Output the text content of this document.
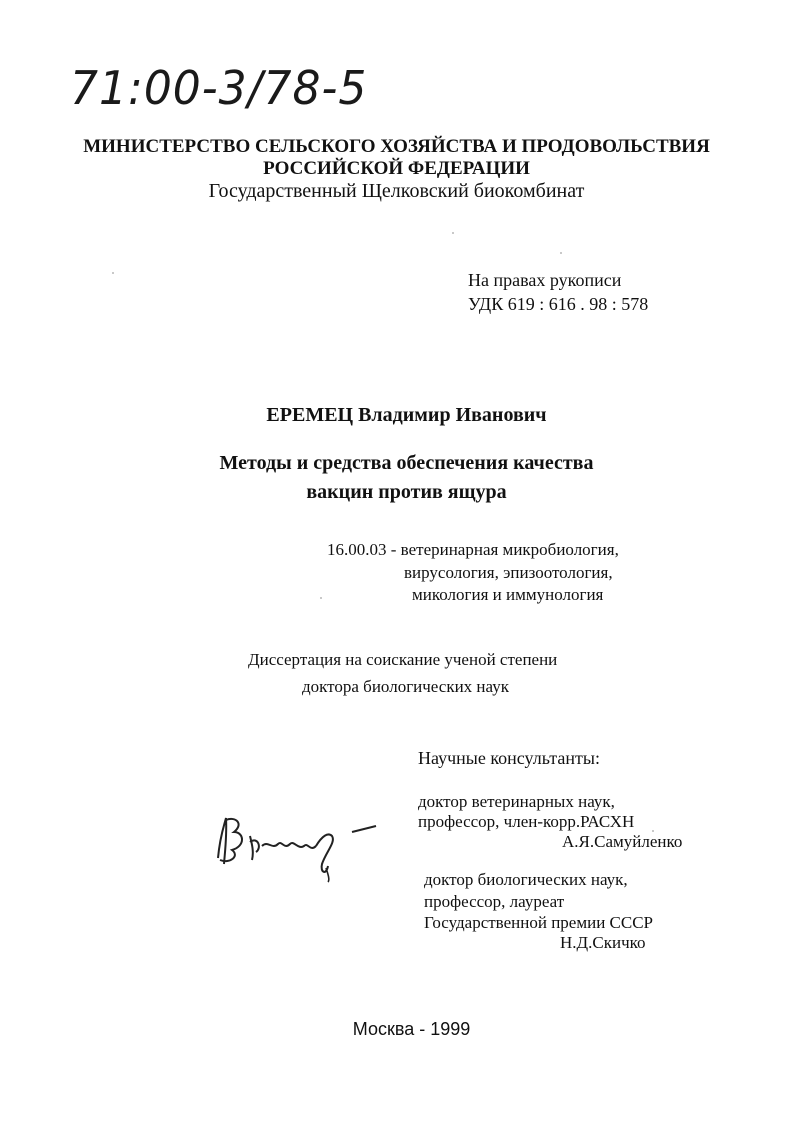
71:00-3/78-5
МИНИСТЕРСТВО СЕЛЬСКОГО ХОЗЯЙСТВА И ПРОДОВОЛЬСТВИЯ
РОССИЙСКОЙ ФЕДЕРАЦИИ
Государственный Щелковский биокомбинат
На правах рукописи
УДК 619 : 616 . 98 : 578
ЕРЕМЕЦ Владимир Иванович
Методы и средства обеспечения качества
вакцин против ящура
16.00.03 - ветеринарная микробиология,
вирусология, эпизоотология,
микология и иммунология
Диссертация на соискание ученой степени
доктора биологических наук
Научные консультанты:
доктор ветеринарных наук,
профессор, член-корр.РАСХН
А.Я.Самуйленко
доктор биологических наук,
профессор, лауреат
Государственной премии СССР
Н.Д.Скичко
Москва - 1999
